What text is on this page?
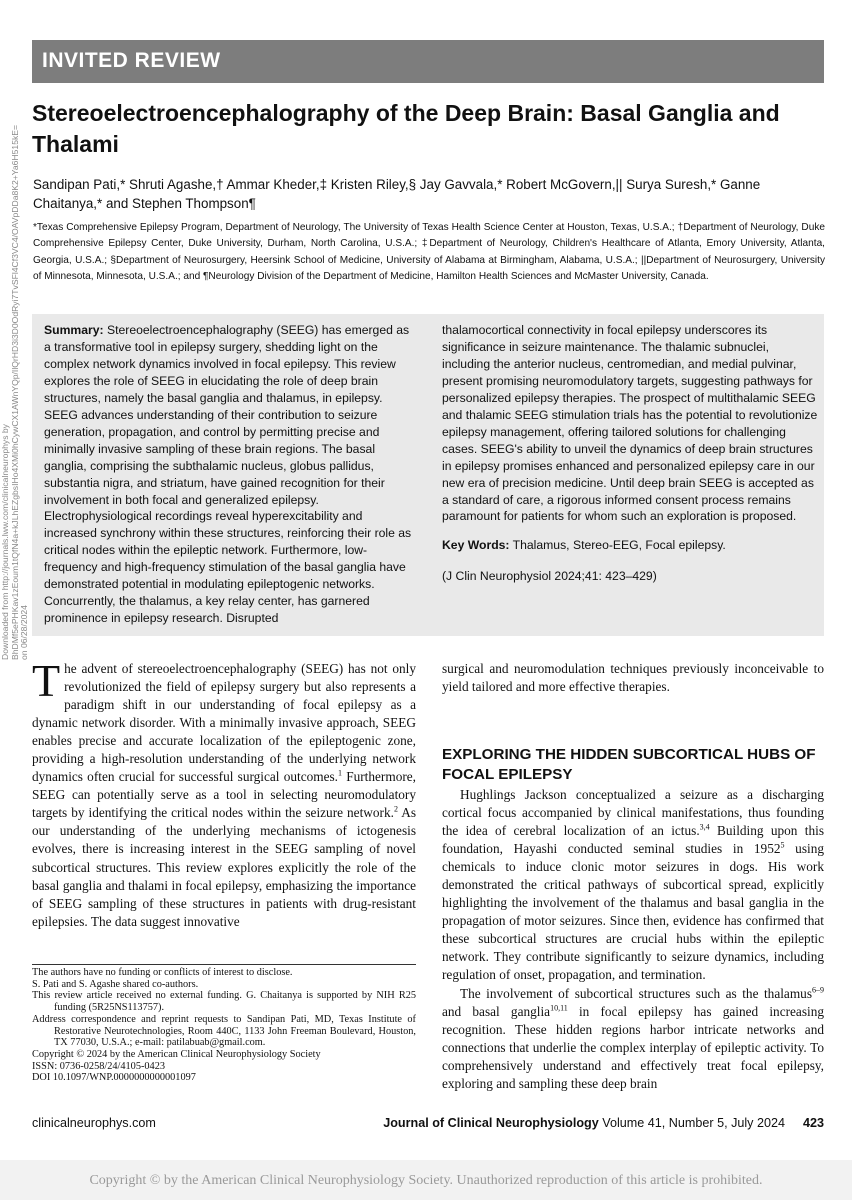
INVITED REVIEW
Stereoelectroencephalography of the Deep Brain: Basal Ganglia and Thalami
Sandipan Pati,* Shruti Agashe,† Ammar Kheder,‡ Kristen Riley,§ Jay Gavvala,* Robert McGovern,|| Surya Suresh,* Ganne Chaitanya,* and Stephen Thompson¶
*Texas Comprehensive Epilepsy Program, Department of Neurology, The University of Texas Health Science Center at Houston, Texas, U.S.A.; †Department of Neurology, Duke Comprehensive Epilepsy Center, Duke University, Durham, North Carolina, U.S.A.; ‡Department of Neurology, Children's Healthcare of Atlanta, Emory University, Atlanta, Georgia, U.S.A.; §Department of Neurosurgery, Heersink School of Medicine, University of Alabama at Birmingham, Alabama, U.S.A.; ||Department of Neurosurgery, University of Minnesota, Minnesota, U.S.A.; and ¶Neurology Division of the Department of Medicine, Hamilton Health Sciences and McMaster University, Canada.
Downloaded from http://journals.lww.com/clinicalneurophys by BhDMf5ePHKav1zEoum1tQfN4a+kJLhEZgbsIHo4XMi0hCywCX1AWnYQp/IlQrHD3i3D0OdRyi7TvSFl4Cf3VC4/OAVpDDa8K2+Ya6H515kE= on 06/28/2024

Summary: Stereoelectroencephalography (SEEG) has emerged as a transformative tool in epilepsy surgery, shedding light on the complex network dynamics involved in focal epilepsy. This review explores the role of SEEG in elucidating the role of deep brain structures, namely the basal ganglia and thalamus, in epilepsy. SEEG advances understanding of their contribution to seizure generation, propagation, and control by permitting precise and minimally invasive sampling of these brain regions. The basal ganglia, comprising the subthalamic nucleus, globus pallidus, substantia nigra, and striatum, have gained recognition for their involvement in both focal and generalized epilepsy. Electrophysiological recordings reveal hyperexcitability and increased synchrony within these structures, reinforcing their role as critical nodes within the epileptic network. Furthermore, low-frequency and high-frequency stimulation of the basal ganglia have demonstrated potential in modulating epileptogenic networks. Concurrently, the thalamus, a key relay center, has garnered prominence in epilepsy research. Disrupted

thalamocortical connectivity in focal epilepsy underscores its significance in seizure maintenance. The thalamic subnuclei, including the anterior nucleus, centromedian, and medial pulvinar, present promising neuromodulatory targets, suggesting pathways for personalized epilepsy therapies. The prospect of multithalamic SEEG and thalamic SEEG stimulation trials has the potential to revolutionize epilepsy management, offering tailored solutions for challenging cases. SEEG's ability to unveil the dynamics of deep brain structures in epilepsy promises enhanced and personalized epilepsy care in our new era of precision medicine. Until deep brain SEEG is accepted as a standard of care, a rigorous informed consent process remains paramount for patients for whom such an exploration is proposed.

Key Words: Thalamus, Stereo-EEG, Focal epilepsy.

(J Clin Neurophysiol 2024;41: 423–429)

The advent of stereoelectroencephalography (SEEG) has not only revolutionized the field of epilepsy surgery but also represents a paradigm shift in our understanding of focal epilepsy as a dynamic network disorder. With a minimally invasive approach, SEEG enables precise and accurate localization of the epileptogenic zone, providing a high-resolution understanding of the underlying network dynamics often crucial for successful surgical outcomes.$^1$ Furthermore, SEEG can potentially serve as a tool in selecting neuromodulatory targets by identifying the critical nodes within the seizure network.$^2$ As our understanding of the underlying mechanisms of ictogenesis evolves, there is increasing interest in the SEEG sampling of novel subcortical structures. This review explores explicitly the role of the basal ganglia and thalami in focal epilepsy, emphasizing the importance of SEEG sampling of these structures in patients with drug-resistant epilepsies. The data suggest innovative

surgical and neuromodulation techniques previously inconceivable to yield tailored and more effective therapies.

EXPLORING THE HIDDEN SUBCORTICAL HUBS OF FOCAL EPILEPSY

Hughlings Jackson conceptualized a seizure as a discharging cortical focus accompanied by clinical manifestations, thus founding the idea of cerebral localization of an ictus.$^{3,4}$ Building upon this foundation, Hayashi conducted seminal studies in 1952$^5$ using chemicals to induce clonic motor seizures in dogs. His work demonstrated the critical pathways of subcortical spread, explicitly highlighting the involvement of the thalamus and basal ganglia in the propagation of motor seizures. Since then, evidence has confirmed that these subcortical structures are crucial hubs within the epileptic network. They contribute significantly to seizure dynamics, including regulation of onset, propagation, and termination.

The involvement of subcortical structures such as the thalamus$^{6-9}$ and basal ganglia$^{10,11}$ in focal epilepsy has gained increasing recognition. These hidden regions harbor intricate networks and connections that underlie the complex interplay of epileptic activity. To comprehensively understand and effectively treat focal epilepsy, exploring and sampling these deep brain

The authors have no funding or conflicts of interest to disclose.

S. Pati and S. Agashe shared co-authors.

This review article received no external funding. G. Chaitanya is supported by NIH R25 funding (5R25NS113757).

Address correspondence and reprint requests to Sandipan Pati, MD, Texas Institute of Restorative Neurotechnologies, Room 440C, 1133 John Freeman Boulevard, Houston, TX 77030, U.S.A.; e-mail: patilabuab@gmail.com.

Copyright © 2024 by the American Clinical Neurophysiology Society

ISSN: 0736-0258/24/4105-0423

DOI 10.1097/WNP.0000000000001097

clinicalneurophys.com	Journal of Clinical Neurophysiology Volume 41, Number 5, July 2024 423
Copyright © by the American Clinical Neurophysiology Society. Unauthorized reproduction of this article is prohibited.
